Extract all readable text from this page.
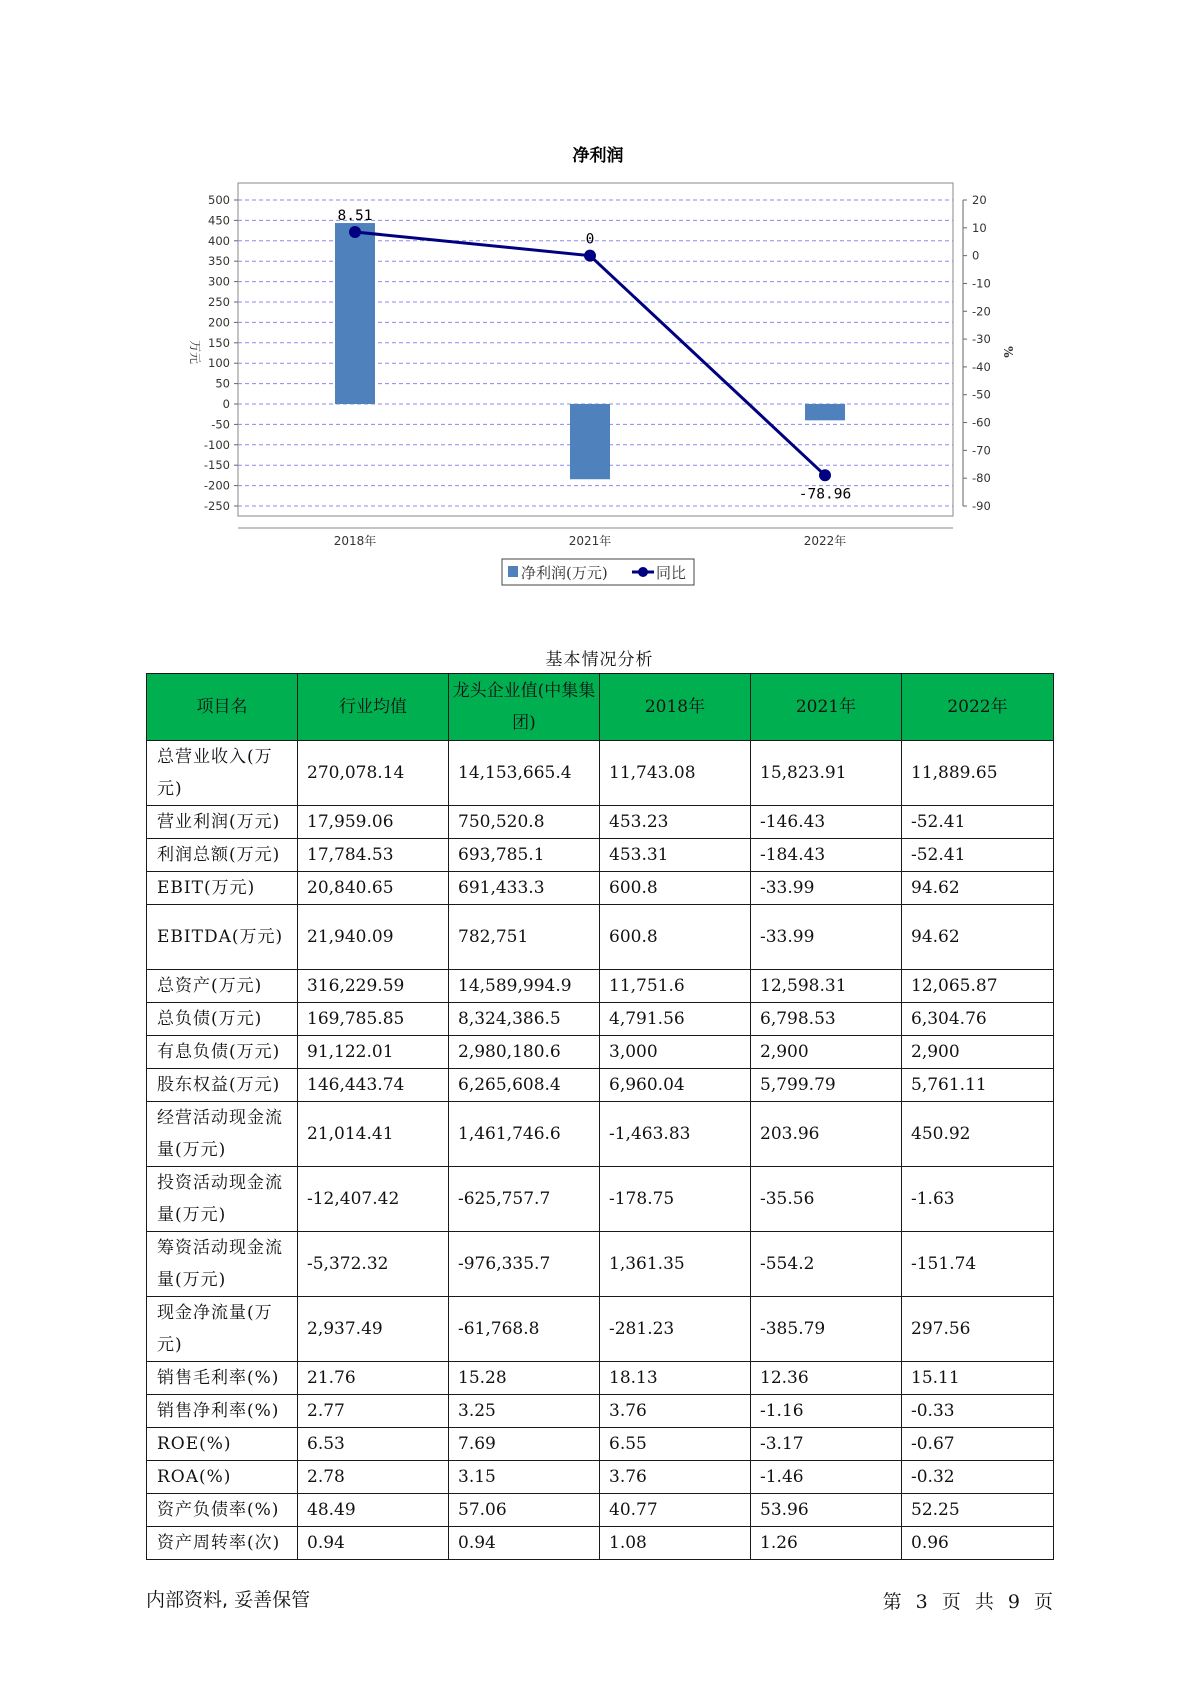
净利润
500
450
400
350
300
250
200
150
100
50
0
-50
-100
-150
-200
-250
20
10
0
-10
-20
-30
-40
-50
-60
-70
-80
-90
万元	%
8.51
0
-78.96
2018年	2021年	2022年
净利润(万元)	同比
基本情况分析
项目名	行业均值	龙头企业值(中集集团)	2018年	2021年	2022年
总营业收入(万元)	270,078.14	14,153,665.4	11,743.08	15,823.91	11,889.65
营业利润(万元)	17,959.06	750,520.8	453.23	-146.43	-52.41
利润总额(万元)	17,784.53	693,785.1	453.31	-184.43	-52.41
EBIT(万元)	20,840.65	691,433.3	600.8	-33.99	94.62
EBITDA(万元)	21,940.09	782,751	600.8	-33.99	94.62
总资产(万元)	316,229.59	14,589,994.9	11,751.6	12,598.31	12,065.87
总负债(万元)	169,785.85	8,324,386.5	4,791.56	6,798.53	6,304.76
有息负债(万元)	91,122.01	2,980,180.6	3,000	2,900	2,900
股东权益(万元)	146,443.74	6,265,608.4	6,960.04	5,799.79	5,761.11
经营活动现金流量(万元)	21,014.41	1,461,746.6	-1,463.83	203.96	450.92
投资活动现金流量(万元)	-12,407.42	-625,757.7	-178.75	-35.56	-1.63
筹资活动现金流量(万元)	-5,372.32	-976,335.7	1,361.35	-554.2	-151.74
现金净流量(万元)	2,937.49	-61,768.8	-281.23	-385.79	297.56
销售毛利率(%)	21.76	15.28	18.13	12.36	15.11
销售净利率(%)	2.77	3.25	3.76	-1.16	-0.33
ROE(%)	6.53	7.69	6.55	-3.17	-0.67
ROA(%)	2.78	3.15	3.76	-1.46	-0.32
资产负债率(%)	48.49	57.06	40.77	53.96	52.25
资产周转率(次)	0.94	0.94	1.08	1.26	0.96
内部资料, 妥善保管	第 3 页 共 9 页
